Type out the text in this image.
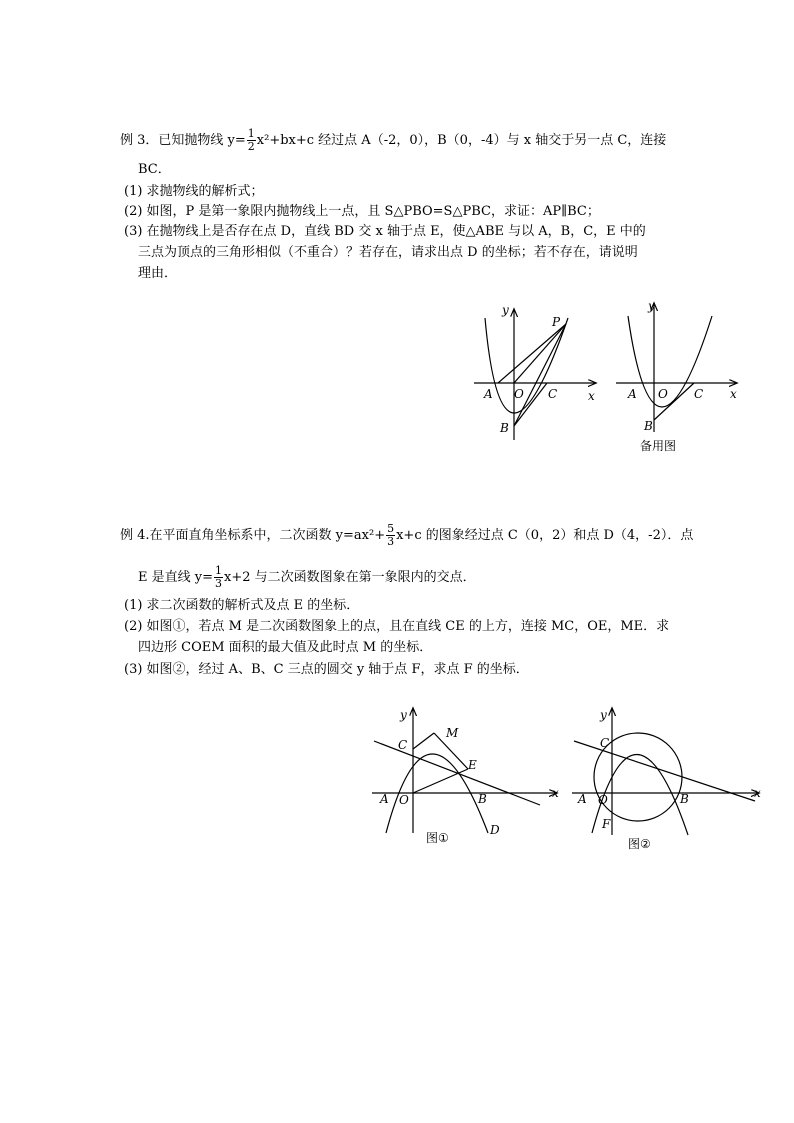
例 3．已知抛物线 $y= \frac{1}{2} x^2+bx+c$ 经过点 A（-2，0），B（0，-4）与 x 轴交于另一点 C，连接
BC．
(1) 求抛物线的解析式；
(2) 如图，P 是第一象限内抛物线上一点，且 S△PBO=S△PBC，求证：AP∥BC；
(3) 在抛物线上是否存在点 D，直线 BD 交 x 轴于点 E，使△ABE 与以 A，B，C，E 中的
三点为顶点的三角形相似（不重合）？若存在，请求出点 D 的坐标；若不存在，请说明
理由．
y
x
P
A O C
B
y
x
A O C
B
备用图
例 4.在平面直角坐标系中，二次函数 $y=ax^2+ \frac{5}{3} x+c$ 的图象经过点 C（0，2）和点 D（4，-2）．点
E 是直线 $y= \frac{1}{3} x+2$ 与二次函数图象在第一象限内的交点．
(1) 求二次函数的解析式及点 E 的坐标．
(2) 如图①，若点 M 是二次函数图象上的点，且在直线 CE 的上方，连接 MC，OE，ME．求
四边形 COEM 面积的最大值及此时点 M 的坐标．
(3) 如图②，经过 A、B、C 三点的圆交 y 轴于点 F，求点 F 的坐标．
y
x
C
M
E
A O	B
D
图①
y
x
C
A O	B
F
图②
